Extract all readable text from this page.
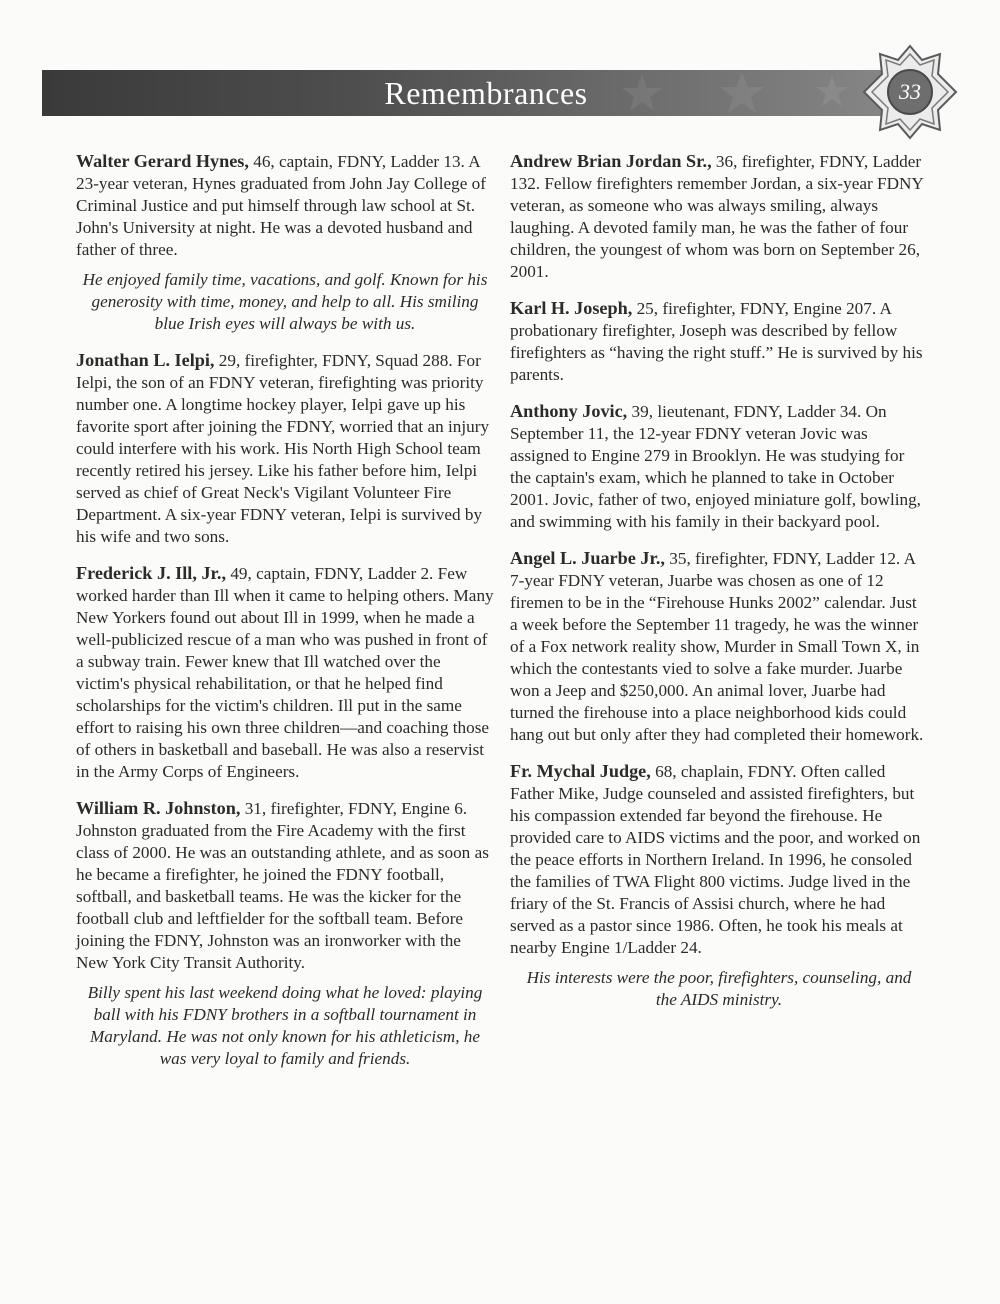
Remembrances	33

Walter Gerard Hynes, 46, captain, FDNY, Ladder 13. A 23-year veteran, Hynes graduated from John Jay College of Criminal Justice and put himself through law school at St. John's University at night. He was a devoted husband and father of three.

He enjoyed family time, vacations, and golf. Known for his generosity with time, money, and help to all. His smiling blue Irish eyes will always be with us.

Jonathan L. Ielpi, 29, firefighter, FDNY, Squad 288. For Ielpi, the son of an FDNY veteran, firefighting was priority number one. A longtime hockey player, Ielpi gave up his favorite sport after joining the FDNY, worried that an injury could interfere with his work. His North High School team recently retired his jersey. Like his father before him, Ielpi served as chief of Great Neck's Vigilant Volunteer Fire Department. A six-year FDNY veteran, Ielpi is survived by his wife and two sons.

Frederick J. Ill, Jr., 49, captain, FDNY, Ladder 2. Few worked harder than Ill when it came to helping others. Many New Yorkers found out about Ill in 1999, when he made a well-publicized rescue of a man who was pushed in front of a subway train. Fewer knew that Ill watched over the victim's physical rehabilitation, or that he helped find scholarships for the victim's children. Ill put in the same effort to raising his own three children—and coaching those of others in basketball and baseball. He was also a reservist in the Army Corps of Engineers.

William R. Johnston, 31, firefighter, FDNY, Engine 6. Johnston graduated from the Fire Academy with the first class of 2000. He was an outstanding athlete, and as soon as he became a firefighter, he joined the FDNY football, softball, and basketball teams. He was the kicker for the football club and leftfielder for the softball team. Before joining the FDNY, Johnston was an ironworker with the New York City Transit Authority.

Billy spent his last weekend doing what he loved: playing ball with his FDNY brothers in a softball tournament in Maryland. He was not only known for his athleticism, he was very loyal to family and friends.

Andrew Brian Jordan Sr., 36, firefighter, FDNY, Ladder 132. Fellow firefighters remember Jordan, a six-year FDNY veteran, as someone who was always smiling, always laughing. A devoted family man, he was the father of four children, the youngest of whom was born on September 26, 2001.

Karl H. Joseph, 25, firefighter, FDNY, Engine 207. A probationary firefighter, Joseph was described by fellow firefighters as “having the right stuff.” He is survived by his parents.

Anthony Jovic, 39, lieutenant, FDNY, Ladder 34. On September 11, the 12-year FDNY veteran Jovic was assigned to Engine 279 in Brooklyn. He was studying for the captain's exam, which he planned to take in October 2001. Jovic, father of two, enjoyed miniature golf, bowling, and swimming with his family in their backyard pool.

Angel L. Juarbe Jr., 35, firefighter, FDNY, Ladder 12. A 7-year FDNY veteran, Juarbe was chosen as one of 12 firemen to be in the “Firehouse Hunks 2002” calendar. Just a week before the September 11 tragedy, he was the winner of a Fox network reality show, Murder in Small Town X, in which the contestants vied to solve a fake murder. Juarbe won a Jeep and $250,000. An animal lover, Juarbe had turned the firehouse into a place neighborhood kids could hang out but only after they had completed their homework.

Fr. Mychal Judge, 68, chaplain, FDNY. Often called Father Mike, Judge counseled and assisted firefighters, but his compassion extended far beyond the firehouse. He provided care to AIDS victims and the poor, and worked on the peace efforts in Northern Ireland. In 1996, he consoled the families of TWA Flight 800 victims. Judge lived in the friary of the St. Francis of Assisi church, where he had served as a pastor since 1986. Often, he took his meals at nearby Engine 1/Ladder 24.

His interests were the poor, firefighters, counseling, and the AIDS ministry.
